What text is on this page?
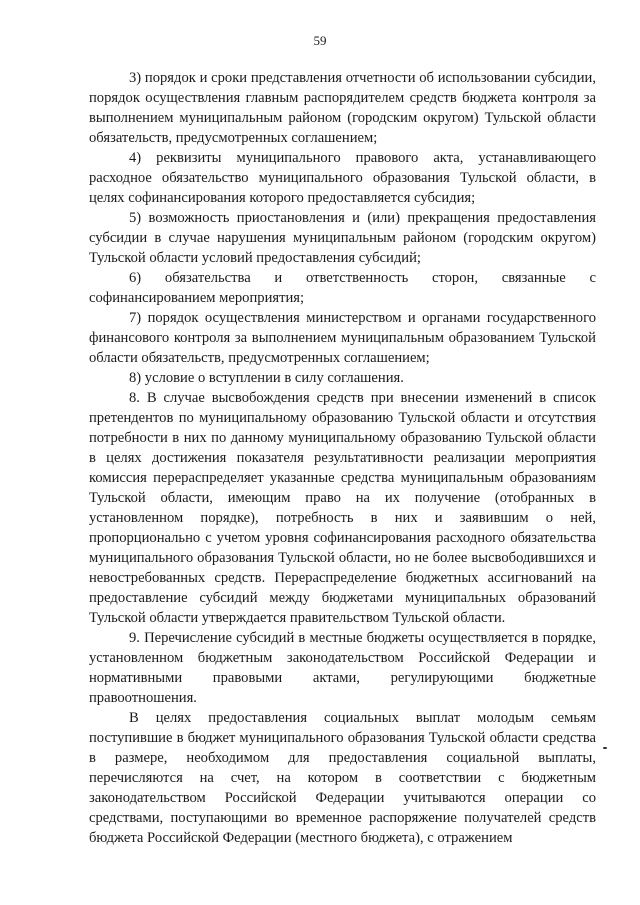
59

3) порядок и сроки представления отчетности об использовании субсидии, порядок осуществления главным распорядителем средств бюджета контроля за выполнением муниципальным районом (городским округом) Тульской области обязательств, предусмотренных соглашением;

4) реквизиты муниципального правового акта, устанавливающего расходное обязательство муниципального образования Тульской области, в целях софинансирования которого предоставляется субсидия;

5) возможность приостановления и (или) прекращения предоставления субсидии в случае нарушения муниципальным районом (городским округом) Тульской области условий предоставления субсидий;

6) обязательства и ответственность сторон, связанные с софинансированием мероприятия;

7) порядок осуществления министерством и органами государственного финансового контроля за выполнением муниципальным образованием Тульской области обязательств, предусмотренных соглашением;

8) условие о вступлении в силу соглашения.

8. В случае высвобождения средств при внесении изменений в список претендентов по муниципальному образованию Тульской области и отсутствия потребности в них по данному муниципальному образованию Тульской области в целях достижения показателя результативности реализации мероприятия комиссия перераспределяет указанные средства муниципальным образованиям Тульской области, имеющим право на их получение (отобранных в установленном порядке), потребность в них и заявившим о ней, пропорционально с учетом уровня софинансирования расходного обязательства муниципального образования Тульской области, но не более высвободившихся и невостребованных средств. Перераспределение бюджетных ассигнований на предоставление субсидий между бюджетами муниципальных образований Тульской области утверждается правительством Тульской области.

9. Перечисление субсидий в местные бюджеты осуществляется в порядке, установленном бюджетным законодательством Российской Федерации и нормативными правовыми актами, регулирующими бюджетные правоотношения.

В целях предоставления социальных выплат молодым семьям поступившие в бюджет муниципального образования Тульской области средства в размере, необходимом для предоставления социальной выплаты, перечисляются на счет, на котором в соответствии с бюджетным законодательством Российской Федерации учитываются операции со средствами, поступающими во временное распоряжение получателей средств бюджета Российской Федерации (местного бюджета), с отражением
